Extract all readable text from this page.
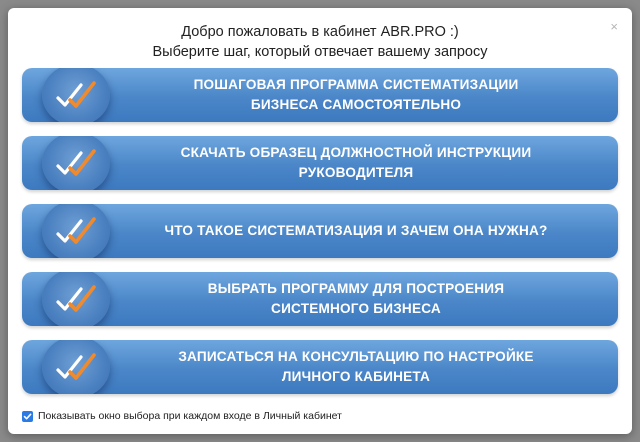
×
Добро пожаловать в кабинет ABR.PRO :)
Выберите шаг, который отвечает вашему запросу
ПОШАГОВАЯ ПРОГРАММА СИСТЕМАТИЗАЦИИ
БИЗНЕСА САМОСТОЯТЕЛЬНО
СКАЧАТЬ ОБРАЗЕЦ ДОЛЖНОСТНОЙ ИНСТРУКЦИИ
РУКОВОДИТЕЛЯ
ЧТО ТАКОЕ СИСТЕМАТИЗАЦИЯ И ЗАЧЕМ ОНА НУЖНА?
ВЫБРАТЬ ПРОГРАММУ ДЛЯ ПОСТРОЕНИЯ
СИСТЕМНОГО БИЗНЕСА
ЗАПИСАТЬСЯ НА КОНСУЛЬТАЦИЮ ПО НАСТРОЙКЕ
ЛИЧНОГО КАБИНЕТА
Показывать окно выбора при каждом входе в Личный кабинет
